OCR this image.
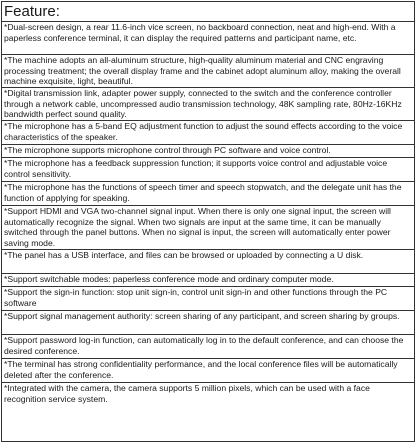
Feature:
*Dual-screen design, a rear 11.6-inch vice screen, no backboard connection, neat and high-end. With a paperless conference terminal, it can display the required patterns and participant name, etc.
*The machine adopts an all-aluminum structure, high-quality aluminum material and CNC engraving processing treatment; the overall display frame and the cabinet adopt aluminum alloy, making the overall machine exquisite, light, beautiful.
*Digital transmission link, adapter power supply, connected to the switch and the conference controller through a network cable, uncompressed audio transmission technology, 48K sampling rate, 80Hz-16KHz bandwidth perfect sound quality.
*The microphone has a 5-band EQ adjustment function to adjust the sound effects according to the voice characteristics of the speaker.
*The microphone supports microphone control through PC software and voice control.
*The microphone has a feedback suppression function; it supports voice control and adjustable voice control sensitivity.
*The microphone has the functions of speech timer and speech stopwatch, and the delegate unit has the function of applying for speaking.
*Support HDMI and VGA two-channel signal input. When there is only one signal input, the screen will automatically recognize the signal. When two signals are input at the same time, it can be manually switched through the panel buttons. When no signal is input, the screen will automatically enter power saving mode.
*The panel has a USB interface, and files can be browsed or uploaded by connecting a U disk.
*Support switchable modes: paperless conference mode and ordinary computer mode.
*Support the sign-in function: stop unit sign-in, control unit sign-in and other functions through the PC software
*Support signal management authority: screen sharing of any participant, and screen sharing by groups.
*Support password log-in function, can automatically log in to the default conference, and can choose the desired conference.
*The terminal has strong confidentiality performance, and the local conference files will be automatically deleted after the conference.
*Integrated with the camera, the camera supports 5 million pixels, which can be used with a face recognition service system.
